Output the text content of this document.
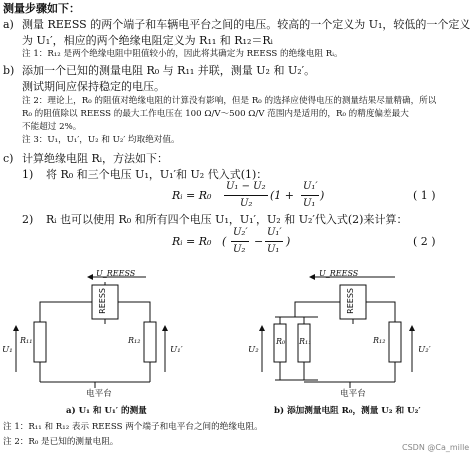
测量步骤如下：
a) 测量 REESS 的两个端子和车辆电平台之间的电压。较高的一个定义为 U₁，较低的一个定义
为 U₁′，相应的两个绝缘电阻定义为 R₁₁ 和 R₁₂＝Rᵢ
注 1：R₁₂ 是两个绝缘电阻中阻值较小的，因此将其确定为 REESS 的绝缘电阻 Rᵢ。
b) 添加一个已知的测量电阻 R₀ 与 R₁₁ 并联，测量 U₂ 和 U₂′。
测试期间应保持稳定的电压。
注 2：理论上，R₀ 的阻值对绝缘电阻的计算没有影响，但是 R₀ 的选择应使得电压的测量结果尽量精确，所以
R₀ 的阻值除以 REESS 的最大工作电压在 100 Ω/V～500 Ω/V 范围内是适用的，R₀ 的精度偏差最大
不能超过 2%。
注 3：U₁，U₁′，U₂ 和 U₂′ 均取绝对值。
c) 计算绝缘电阻 Rᵢ，方法如下：
1) 将 R₀ 和三个电压 U₁，U₁′和 U₂ 代入式(1)：
Rᵢ = R₀
U₁ − U₂
U₂
(1 +
U₁′
U₁
)	( 1 )
2) Rᵢ 也可以使用 R₀ 和所有四个电压 U₁，U₁′，U₂ 和 U₂′代入式(2)来计算：
Rᵢ = R₀ (
U₂′
U₂
−
U₁′
U₁
)	( 2 )
U_REESS
REESS
R₁₁	R₁₂
U₁	U₁′
电平台
a) U₁ 和 U₁′ 的测量
U_REESS
REESS
R₀ R₁₁	R₁₂
U₂	U₂′
电平台
b) 添加测量电阻 R₀，测量 U₂ 和 U₂′
注 1：R₁₁ 和 R₁₂ 表示 REESS 两个端子和电平台之间的绝缘电阻。
注 2：R₀ 是已知的测量电阻。
CSDN @Ca_mille
